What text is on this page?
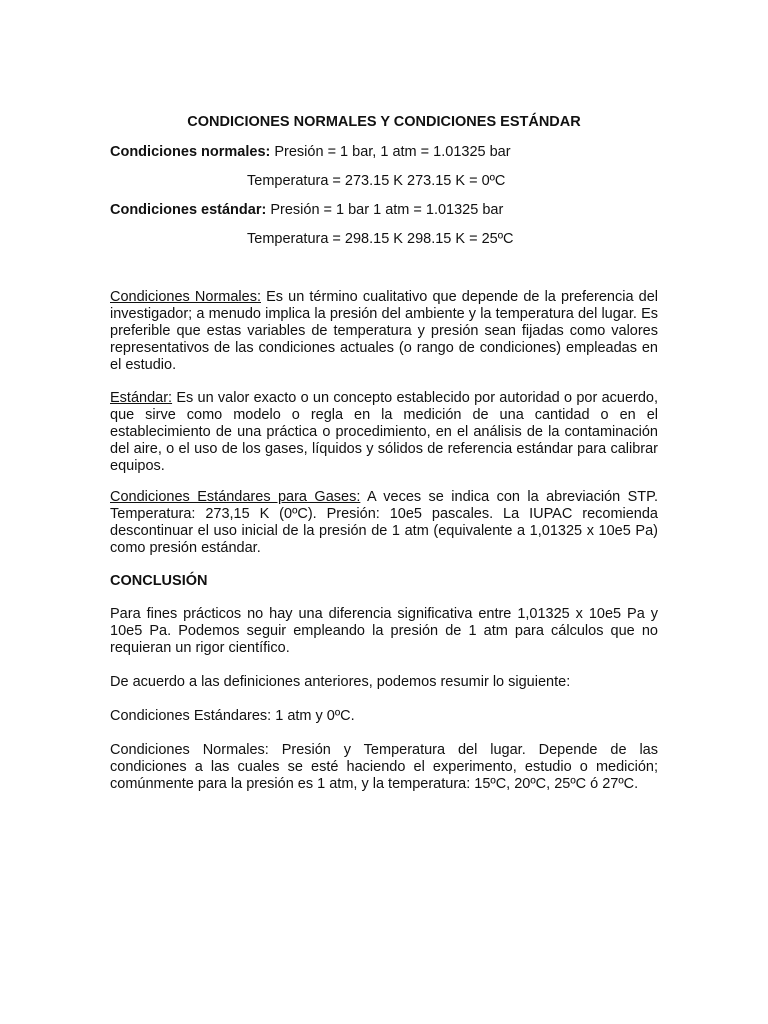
CONDICIONES NORMALES Y CONDICIONES ESTÁNDAR
Condiciones normales: Presión = 1 bar, 1 atm = 1.01325 bar
Temperatura = 273.15 K 273.15 K = 0ºC
Condiciones estándar: Presión = 1 bar 1 atm = 1.01325 bar
Temperatura = 298.15 K 298.15 K = 25ºC
Condiciones Normales: Es un término cualitativo que depende de la preferencia del investigador; a menudo implica la presión del ambiente y la temperatura del lugar. Es preferible que estas variables de temperatura y presión sean fijadas como valores representativos de las condiciones actuales (o rango de condiciones) empleadas en el estudio.
Estándar: Es un valor exacto o un concepto establecido por autoridad o por acuerdo, que sirve como modelo o regla en la medición de una cantidad o en el establecimiento de una práctica o procedimiento, en el análisis de la contaminación del aire, o el uso de los gases, líquidos y sólidos de referencia estándar para calibrar equipos.
Condiciones Estándares para Gases: A veces se indica con la abreviación STP. Temperatura: 273,15 K (0ºC). Presión: 10e5 pascales. La IUPAC recomienda descontinuar el uso inicial de la presión de 1 atm (equivalente a 1,01325 x 10e5 Pa) como presión estándar.
CONCLUSIÓN
Para fines prácticos no hay una diferencia significativa entre 1,01325 x 10e5 Pa y 10e5 Pa. Podemos seguir empleando la presión de 1 atm para cálculos que no requieran un rigor científico.
De acuerdo a las definiciones anteriores, podemos resumir lo siguiente:
Condiciones Estándares: 1 atm y 0ºC.
Condiciones Normales: Presión y Temperatura del lugar. Depende de las condiciones a las cuales se esté haciendo el experimento, estudio o medición; comúnmente para la presión es 1 atm, y la temperatura: 15ºC, 20ºC, 25ºC ó 27ºC.
